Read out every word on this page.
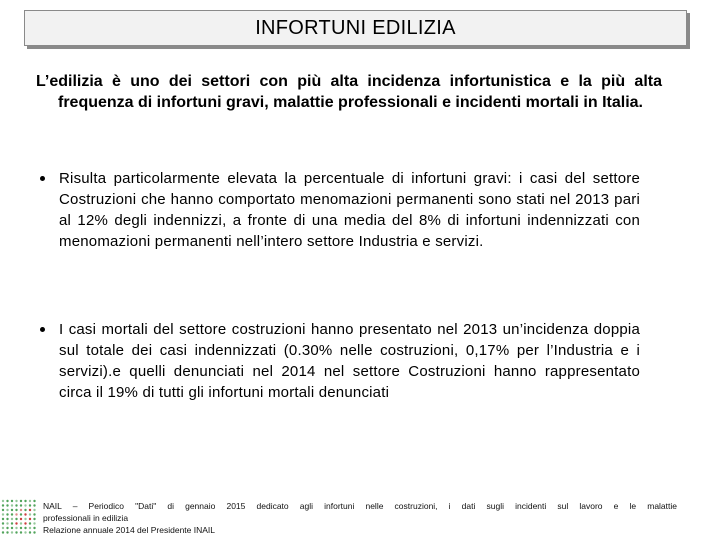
INFORTUNI EDILIZIA
L’edilizia è uno dei settori con più alta incidenza infortunistica e la più alta frequenza di infortuni gravi, malattie professionali e incidenti mortali in Italia.
Risulta particolarmente elevata la percentuale di infortuni gravi: i casi del settore Costruzioni che hanno comportato menomazioni permanenti sono stati nel 2013 pari al 12% degli indennizzi, a fronte di una media del 8% di infortuni indennizzati con menomazioni permanenti nell’intero settore Industria e servizi.
I casi mortali del settore costruzioni hanno presentato nel 2013 un’incidenza doppia sul totale dei casi indennizzati (0.30% nelle costruzioni, 0,17% per l’Industria e i servizi).e quelli denunciati nel 2014 nel settore Costruzioni hanno rappresentato circa il 19% di tutti gli infortuni mortali denunciati
NAIL – Periodico "Dati" di gennaio 2015 dedicato agli infortuni nelle costruzioni, i dati sugli incidenti sul lavoro e le malattie
professionali in edilizia
Relazione annuale 2014 del Presidente INAIL
